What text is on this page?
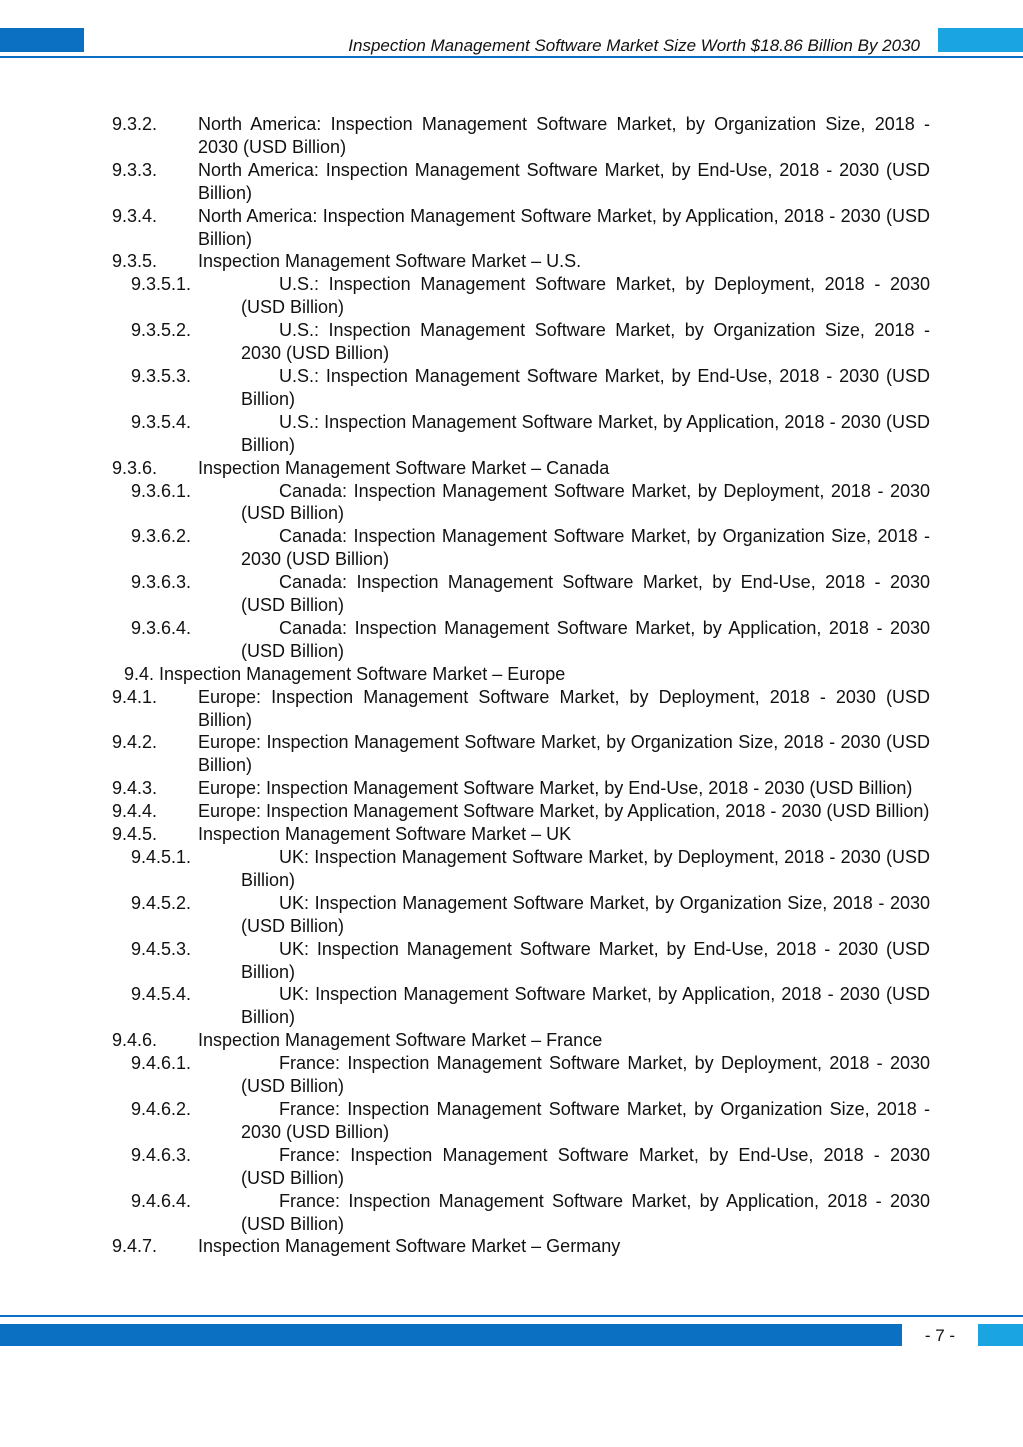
Inspection Management Software Market Size Worth $18.86 Billion By 2030
9.3.2. North America: Inspection Management Software Market, by Organization Size, 2018 - 2030 (USD Billion)
9.3.3. North America: Inspection Management Software Market, by End-Use, 2018 - 2030 (USD Billion)
9.3.4. North America: Inspection Management Software Market, by Application, 2018 - 2030 (USD Billion)
9.3.5. Inspection Management Software Market – U.S.
9.3.5.1.	U.S.: Inspection Management Software Market, by Deployment, 2018 - 2030 (USD Billion)
9.3.5.2.	U.S.: Inspection Management Software Market, by Organization Size, 2018 - 2030 (USD Billion)
9.3.5.3.	U.S.: Inspection Management Software Market, by End-Use, 2018 - 2030 (USD Billion)
9.3.5.4.	U.S.: Inspection Management Software Market, by Application, 2018 - 2030 (USD Billion)
9.3.6. Inspection Management Software Market – Canada
9.3.6.1.	Canada: Inspection Management Software Market, by Deployment, 2018 - 2030 (USD Billion)
9.3.6.2.	Canada: Inspection Management Software Market, by Organization Size, 2018 - 2030 (USD Billion)
9.3.6.3.	Canada: Inspection Management Software Market, by End-Use, 2018 - 2030 (USD Billion)
9.3.6.4.	Canada: Inspection Management Software Market, by Application, 2018 - 2030 (USD Billion)
9.4. Inspection Management Software Market – Europe
9.4.1. Europe: Inspection Management Software Market, by Deployment, 2018 - 2030 (USD Billion)
9.4.2. Europe: Inspection Management Software Market, by Organization Size, 2018 - 2030 (USD Billion)
9.4.3. Europe: Inspection Management Software Market, by End-Use, 2018 - 2030 (USD Billion)
9.4.4. Europe: Inspection Management Software Market, by Application, 2018 - 2030 (USD Billion)
9.4.5. Inspection Management Software Market – UK
9.4.5.1.	UK: Inspection Management Software Market, by Deployment, 2018 - 2030 (USD Billion)
9.4.5.2.	UK: Inspection Management Software Market, by Organization Size, 2018 - 2030 (USD Billion)
9.4.5.3.	UK: Inspection Management Software Market, by End-Use, 2018 - 2030 (USD Billion)
9.4.5.4.	UK: Inspection Management Software Market, by Application, 2018 - 2030 (USD Billion)
9.4.6. Inspection Management Software Market – France
9.4.6.1.	France: Inspection Management Software Market, by Deployment, 2018 - 2030 (USD Billion)
9.4.6.2.	France: Inspection Management Software Market, by Organization Size, 2018 - 2030 (USD Billion)
9.4.6.3.	France: Inspection Management Software Market, by End-Use, 2018 - 2030 (USD Billion)
9.4.6.4.	France: Inspection Management Software Market, by Application, 2018 - 2030 (USD Billion)
9.4.7. Inspection Management Software Market – Germany
- 7 -
